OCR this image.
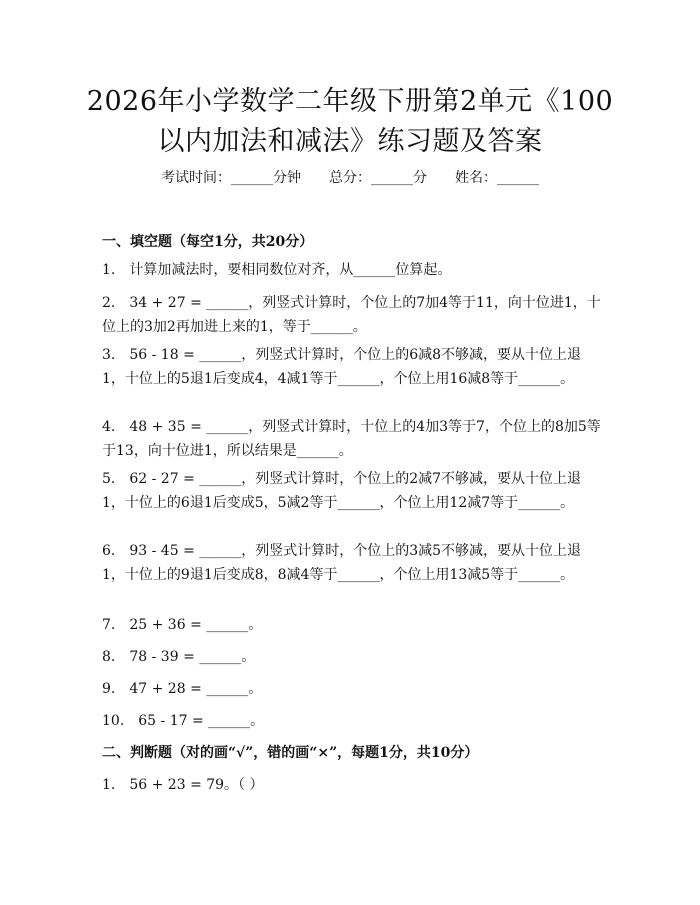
2026年小学数学二年级下册第2单元《100
以内加法和减法》练习题及答案
考试时间：______分钟 总分：______分 姓名：______
一、填空题（每空1分，共20分）
1.　计算加减法时，要相同数位对齐，从______位算起。
2.　34 + 27 = ______，列竖式计算时，个位上的7加4等于11，向十位进1，十位上的3加2再加进上来的1，等于______。
3.　56 - 18 = ______，列竖式计算时，个位上的6减8不够减，要从十位上退1，十位上的5退1后变成4，4减1等于______，个位上用16减8等于______。
4.　48 + 35 = ______，列竖式计算时，十位上的4加3等于7，个位上的8加5等于13，向十位进1，所以结果是______。
5.　62 - 27 = ______，列竖式计算时，个位上的2减7不够减，要从十位上退1，十位上的6退1后变成5，5减2等于______，个位上用12减7等于______。
6.　93 - 45 = ______，列竖式计算时，个位上的3减5不够减，要从十位上退1，十位上的9退1后变成8，8减4等于______，个位上用13减5等于______。
7.　25 + 36 = ______。
8.　78 - 39 = ______。
9.　47 + 28 = ______。
10.　65 - 17 = ______。
二、判断题（对的画“√”，错的画“×”，每题1分，共10分）
1.　56 + 23 = 79。（ ）
